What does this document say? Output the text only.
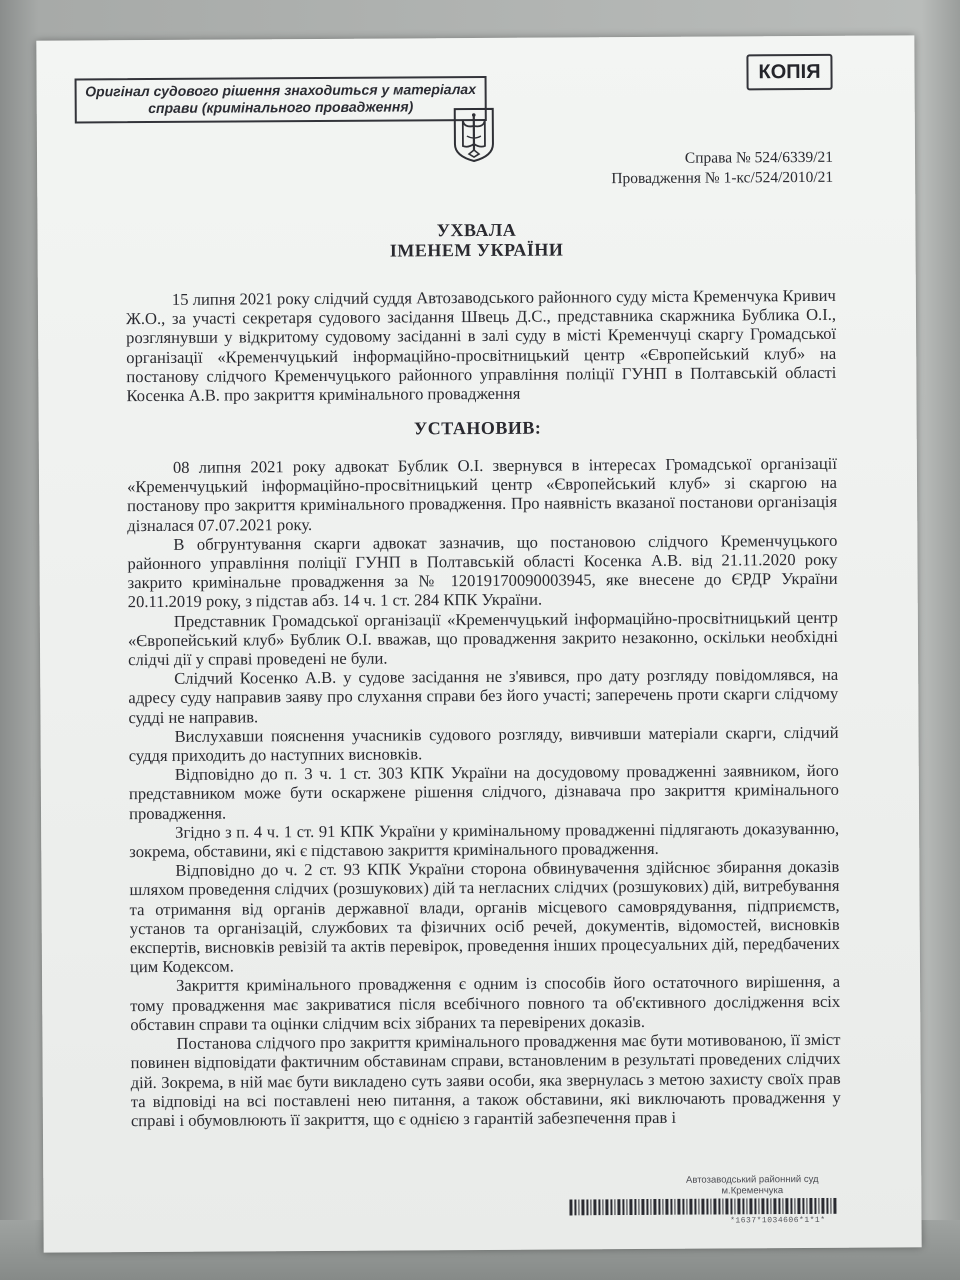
Оригінал судового рішення знаходиться у матеріалах справи (кримінального провадження)
КОПІЯ
Справа № 524/6339/21
Провадження № 1-кс/524/2010/21
УХВАЛА
ІМЕНЕМ УКРАЇНИ

15 липня 2021 року слідчий суддя Автозаводського районного суду міста Кременчука Кривич Ж.О., за участі секретаря судового засідання Швець Д.С., представника скаржника Бублика О.І., розглянувши у відкритому судовому засіданні в залі суду в місті Кременчуці скаргу Громадської організації «Кременчуцький інформаційно-просвітницький центр «Європейський клуб» на постанову слідчого Кременчуцького районного управління поліції ГУНП в Полтавській області Косенка А.В. про закриття кримінального провадження

УСТАНОВИВ:

08 липня 2021 року адвокат Бублик О.І. звернувся в інтересах Громадської організації «Кременчуцький інформаційно-просвітницький центр «Європейський клуб» зі скаргою на постанову про закриття кримінального провадження. Про наявність вказаної постанови організація дізналася 07.07.2021 року.

В обгрунтування скарги адвокат зазначив, що постановою слідчого Кременчуцького районного управління поліції ГУНП в Полтавській області Косенка А.В. від 21.11.2020 року закрито кримінальне провадження за № 12019170090003945, яке внесене до ЄРДР України 20.11.2019 року, з підстав абз. 14 ч. 1 ст. 284 КПК України.

Представник Громадської організації «Кременчуцький інформаційно-просвітницький центр «Європейський клуб» Бублик О.І. вважав, що провадження закрито незаконно, оскільки необхідні слідчі дії у справі проведені не були.

Слідчий Косенко А.В. у судове засідання не з'явився, про дату розгляду повідомлявся, на адресу суду направив заяву про слухання справи без його участі; заперечень проти скарги слідчому судді не направив.

Вислухавши пояснення учасників судового розгляду, вивчивши матеріали скарги, слідчий суддя приходить до наступних висновків.

Відповідно до п. 3 ч. 1 ст. 303 КПК України на досудовому провадженні заявником, його представником може бути оскаржене рішення слідчого, дізнавача про закриття кримінального провадження.

Згідно з п. 4 ч. 1 ст. 91 КПК України у кримінальному провадженні підлягають доказуванню, зокрема, обставини, які є підставою закриття кримінального провадження.

Відповідно до ч. 2 ст. 93 КПК України сторона обвинувачення здійснює збирання доказів шляхом проведення слідчих (розшукових) дій та негласних слідчих (розшукових) дій, витребування та отримання від органів державної влади, органів місцевого самоврядування, підприємств, установ та організацій, службових та фізичних осіб речей, документів, відомостей, висновків експертів, висновків ревізій та актів перевірок, проведення інших процесуальних дій, передбачених цим Кодексом.

Закриття кримінального провадження є одним із способів його остаточного вирішення, а тому провадження має закриватися після всебічного повного та об'єктивного дослідження всіх обставин справи та оцінки слідчим всіх зібраних та перевірених доказів.

Постанова слідчого про закриття кримінального провадження має бути мотивованою, її зміст повинен відповідати фактичним обставинам справи, встановленим в результаті проведених слідчих дій. Зокрема, в ній має бути викладено суть заяви особи, яка звернулась з метою захисту своїх прав та відповіді на всі поставлені нею питання, а також обставини, які виключають провадження у справі і обумовлюють її закриття, що є однією з гарантій забезпечення прав і

Автозаводський районний суд
м.Кременчука
*1637*1034606*1*1*
